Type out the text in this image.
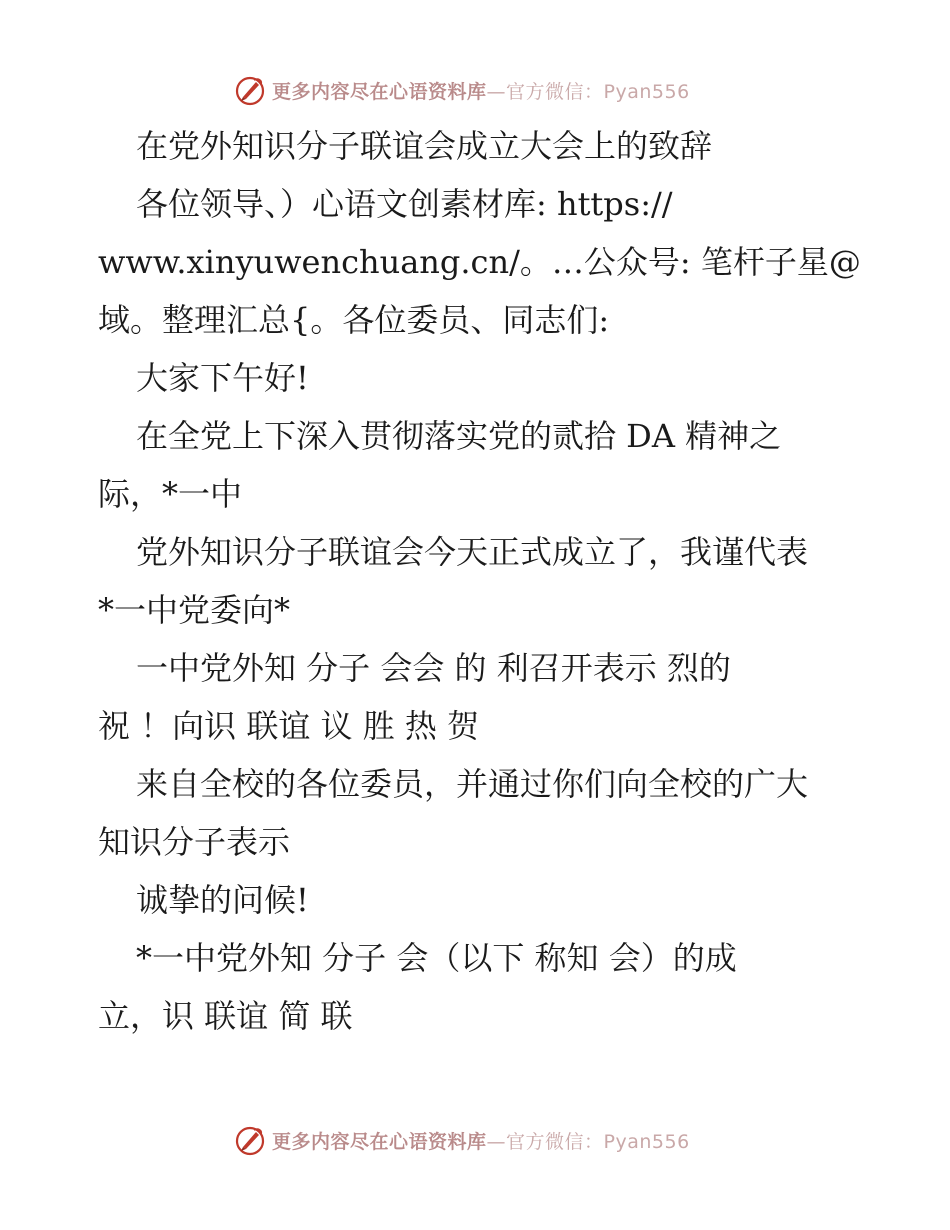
更多内容尽在心语资料库—官方微信：Pyan556

在党外知识分子联谊会成立大会上的致辞

各位领导、）心语文创素材库: https://

www.xinyuwenchuang.cn/。…公众号: 笔杆子星@

域。整理汇总{。各位委员、同志们:

大家下午好!

在全党上下深入贯彻落实党的贰拾 DA 精神之

际，*一中

党外知识分子联谊会今天正式成立了，我谨代表

*一中党委向*

一中党外知 分子 会会 的 利召开表示 烈的

祝 ！向识 联谊 议 胜 热 贺

来自全校的各位委员，并通过你们向全校的广大

知识分子表示

诚挚的问候!

*一中党外知 分子 会（以下 称知 会）的成

立，识 联谊 简 联

更多内容尽在心语资料库—官方微信：Pyan556
